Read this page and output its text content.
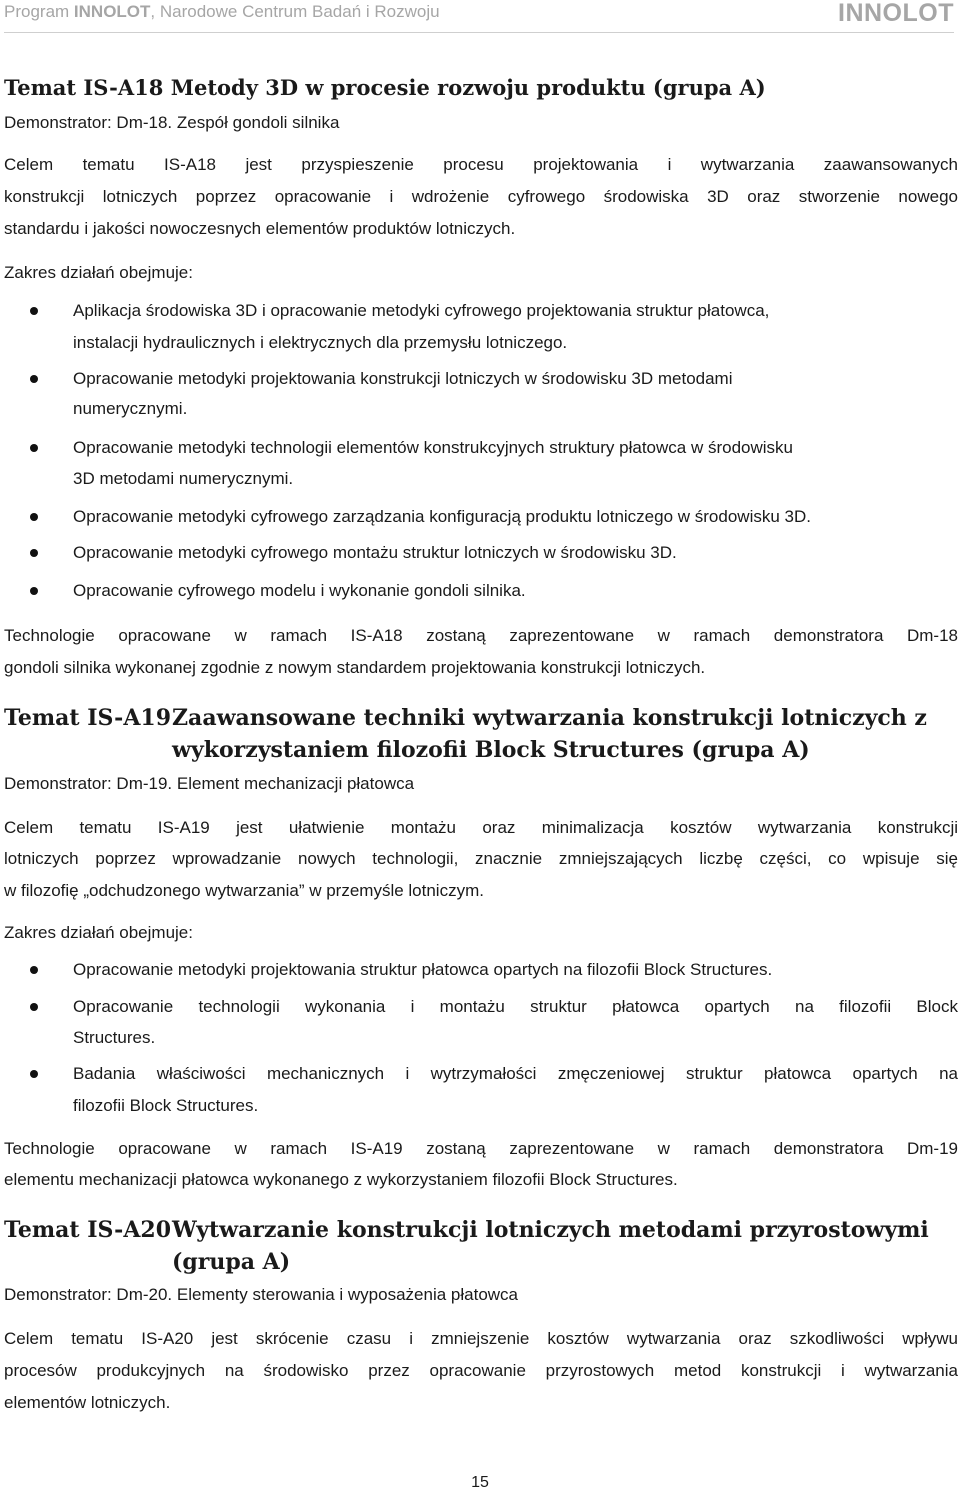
Program INNOLOT, Narodowe Centrum Badań i Rozwoju	INNOLOT
Temat IS-A18 Metody 3D w procesie rozwoju produktu (grupa A)
Demonstrator: Dm-18. Zespół gondoli silnika
Celem tematu IS-A18 jest przyspieszenie procesu projektowania i wytwarzania zaawansowanych
konstrukcji lotniczych poprzez opracowanie i wdrożenie cyfrowego środowiska 3D oraz stworzenie nowego
standardu i jakości nowoczesnych elementów produktów lotniczych.
Zakres działań obejmuje:
Aplikacja środowiska 3D i opracowanie metodyki cyfrowego projektowania struktur płatowca,
instalacji hydraulicznych i elektrycznych dla przemysłu lotniczego.
Opracowanie metodyki projektowania konstrukcji lotniczych w środowisku 3D metodami
numerycznymi.
Opracowanie metodyki technologii elementów konstrukcyjnych struktury płatowca w środowisku
3D metodami numerycznymi.
Opracowanie metodyki cyfrowego zarządzania konfiguracją produktu lotniczego w środowisku 3D.
Opracowanie metodyki cyfrowego montażu struktur lotniczych w środowisku 3D.
Opracowanie cyfrowego modelu i wykonanie gondoli silnika.
Technologie opracowane w ramach IS-A18 zostaną zaprezentowane w ramach demonstratora Dm-18
gondoli silnika wykonanej zgodnie z nowym standardem projektowania konstrukcji lotniczych.
Temat IS-A19Zaawansowane techniki wytwarzania konstrukcji lotniczych z
wykorzystaniem filozofii Block Structures (grupa A)
Demonstrator: Dm-19. Element mechanizacji płatowca
Celem tematu IS-A19 jest ułatwienie montażu oraz minimalizacja kosztów wytwarzania konstrukcji
lotniczych poprzez wprowadzanie nowych technologii, znacznie zmniejszających liczbę części, co wpisuje się
w filozofię „odchudzonego wytwarzania” w przemyśle lotniczym.
Zakres działań obejmuje:
Opracowanie metodyki projektowania struktur płatowca opartych na filozofii Block Structures.
Opracowanie technologii wykonania i montażu struktur płatowca opartych na filozofii Block
Structures.
Badania właściwości mechanicznych i wytrzymałości zmęczeniowej struktur płatowca opartych na
filozofii Block Structures.
Technologie opracowane w ramach IS-A19 zostaną zaprezentowane w ramach demonstratora Dm-19
elementu mechanizacji płatowca wykonanego z wykorzystaniem filozofii Block Structures.
Temat IS-A20Wytwarzanie konstrukcji lotniczych metodami przyrostowymi
(grupa A)
Demonstrator: Dm-20. Elementy sterowania i wyposażenia płatowca
Celem tematu IS-A20 jest skrócenie czasu i zmniejszenie kosztów wytwarzania oraz szkodliwości wpływu
procesów produkcyjnych na środowisko przez opracowanie przyrostowych metod konstrukcji i wytwarzania
elementów lotniczych.
15
